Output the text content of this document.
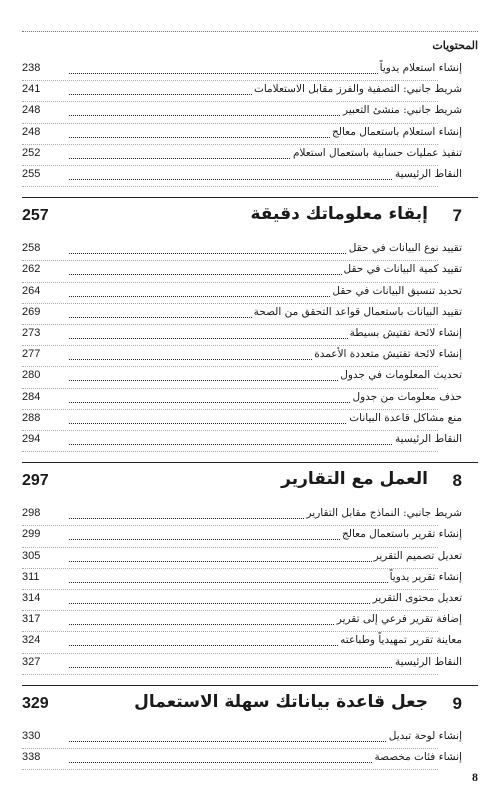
المحتويات
إنشاء استعلام يدوياً
238
شريط جانبي: التصفية والفرز مقابل الاستعلامات
241
شريط جانبي: منشئ التعبير
248
إنشاء استعلام باستعمال معالج
248
تنفيذ عمليات حسابية باستعمال استعلام
252
النقاط الرئيسية
255
7
إبقاء معلوماتك دقيقة
257
تقييد نوع البيانات في حقل
258
تقييد كمية البيانات في حقل
262
تحديد تنسيق البيانات في حقل
264
تقييد البيانات باستعمال قواعد التحقق من الصحة
269
إنشاء لائحة تفتيش بسيطة
273
إنشاء لائحة تفتيش متعددة الأعمدة
277
تحديث المعلومات في جدول
280
حذف معلومات من جدول
284
منع مشاكل قاعدة البيانات
288
النقاط الرئيسية
294
8
العمل مع التقارير
297
شريط جانبي: النماذج مقابل التقارير
298
إنشاء تقرير باستعمال معالج
299
تعديل تصميم التقرير
305
إنشاء تقرير يدوياً
311
تعديل محتوى التقرير
314
إضافة تقرير فرعي إلى تقرير
317
معاينة تقرير تمهيدياً وطباعته
324
النقاط الرئيسية
327
9
جعل قاعدة بياناتك سهلة الاستعمال
329
إنشاء لوحة تبديل
330
إنشاء فئات مخصصة
338
8
